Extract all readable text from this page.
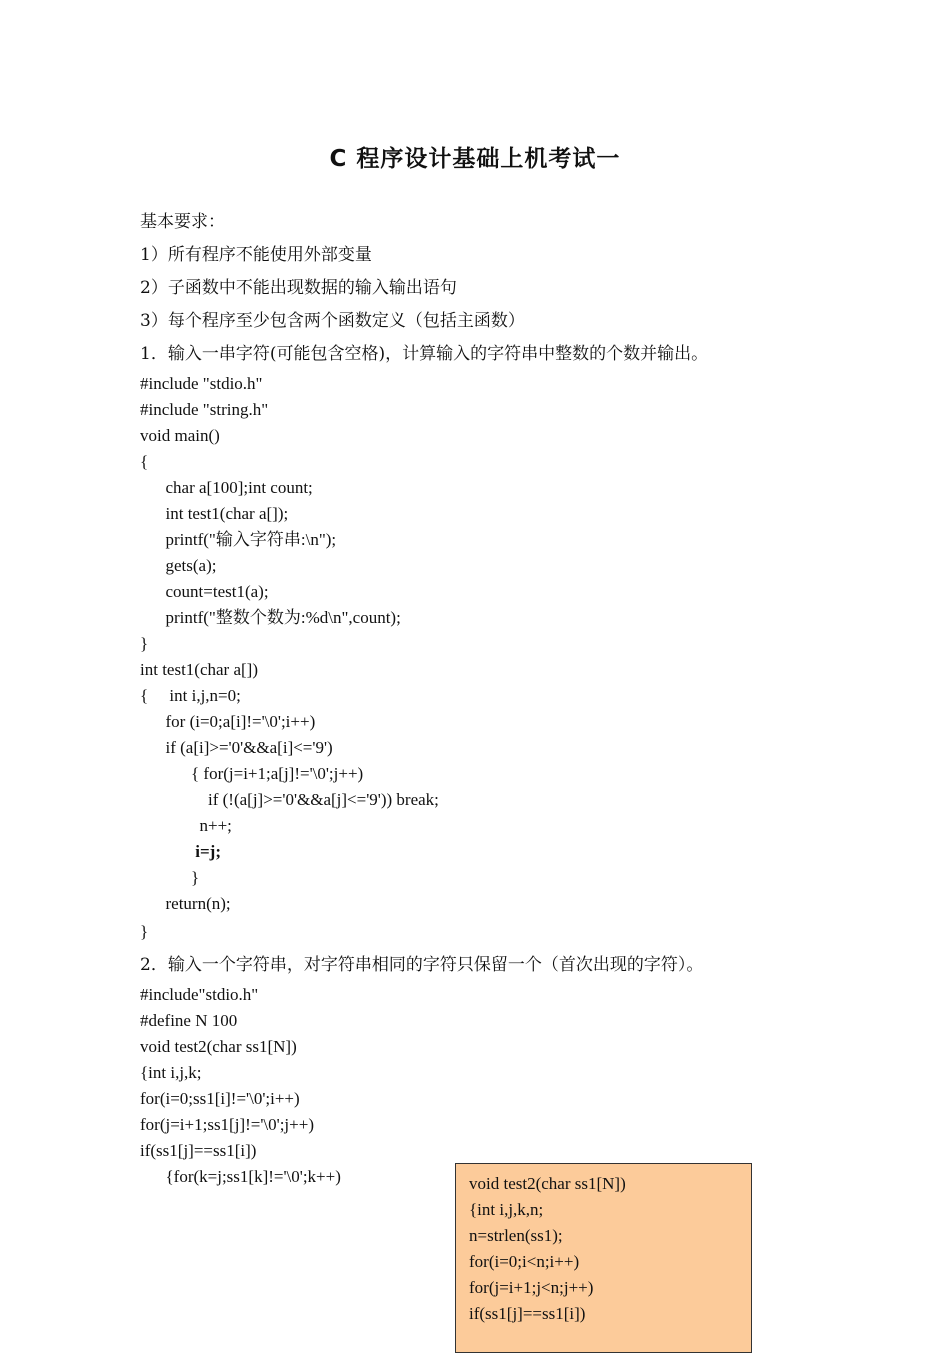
C 程序设计基础上机考试一
基本要求：
1）所有程序不能使用外部变量
2）子函数中不能出现数据的输入输出语句
3）每个程序至少包含两个函数定义（包括主函数）
1．输入一串字符(可能包含空格)，计算输入的字符串中整数的个数并输出。
#include "stdio.h"
#include "string.h"
void main()
{
char a[100];int count;
int test1(char a[]);
printf("输入字符串:\n");
gets(a);
count=test1(a);
printf("整数个数为:%d\n",count);
}
int test1(char a[])
{     int i,j,n=0;
for (i=0;a[i]!='\0';i++)
if (a[i]>='0'&&a[i]<='9')
{ for(j=i+1;a[j]!='\0';j++)
if (!(a[j]>='0'&&a[j]<='9')) break;
n++;
i=j;
}
return(n);
}
2．输入一个字符串，对字符串相同的字符只保留一个（首次出现的字符）。
#include"stdio.h"
#define N 100
void test2(char ss1[N])
{int i,j,k;
for(i=0;ss1[i]!='\0';i++)
for(j=i+1;ss1[j]!='\0';j++)
if(ss1[j]==ss1[i])
{for(k=j;ss1[k]!='\0';k++)	void test2(char ss1[N])
{int i,j,k,n;
n=strlen(ss1);
for(i=0;i<n;i++)
for(j=i+1;j<n;j++)
if(ss1[j]==ss1[i])
